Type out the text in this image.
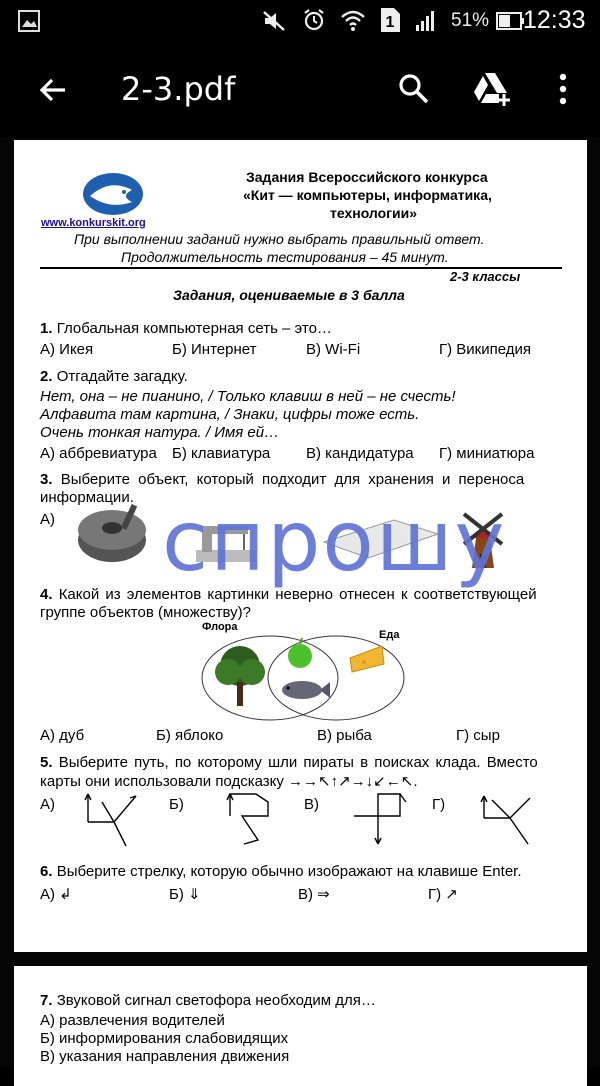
1	51% 12:33
2-3.pdf
www.konkurskit.org
Задания Всероссийского конкурса
«Кит — компьютеры, информатика,
технологии»
При выполнении заданий нужно выбрать правильный ответ.
Продолжительность тестирования – 45 минут.
2-3 классы
Задания, оцениваемые в 3 балла
1. Глобальная компьютерная сеть – это…
А) Икея	Б) Интернет	В) Wi-Fi	Г) Википедия
2. Отгадайте загадку.
Нет, она – не пианино, / Только клавиш в ней – не счесть!
Алфавита там картина, / Знаки, цифры тоже есть.
Очень тонкая натура. / Имя ей…
А) аббревиатура Б) клавиатура В) кандидатура Г) миниатюра
3. Выберите объект, который подходит для хранения и переноса
информации.
А) спрошу
4. Какой из элементов картинки неверно отнесен к соответствующей
группе объектов (множеству)?
Флора
Еда
А) дуб	Б) яблоко	В) рыба	Г) сыр
5. Выберите путь, по которому шли пираты в поисках клада. Вместо
карты они использовали подсказку →→↖↑↗→↓↙←↖.
А)	Б)	В)	Г)
6. Выберите стрелку, которую обычно изображают на клавише Enter.
А) ↲	Б) ⇓	В) ⇒	Г) ↗
7. Звуковой сигнал светофора необходим для…
А) развлечения водителей
Б) информирования слабовидящих
В) указания направления движения
